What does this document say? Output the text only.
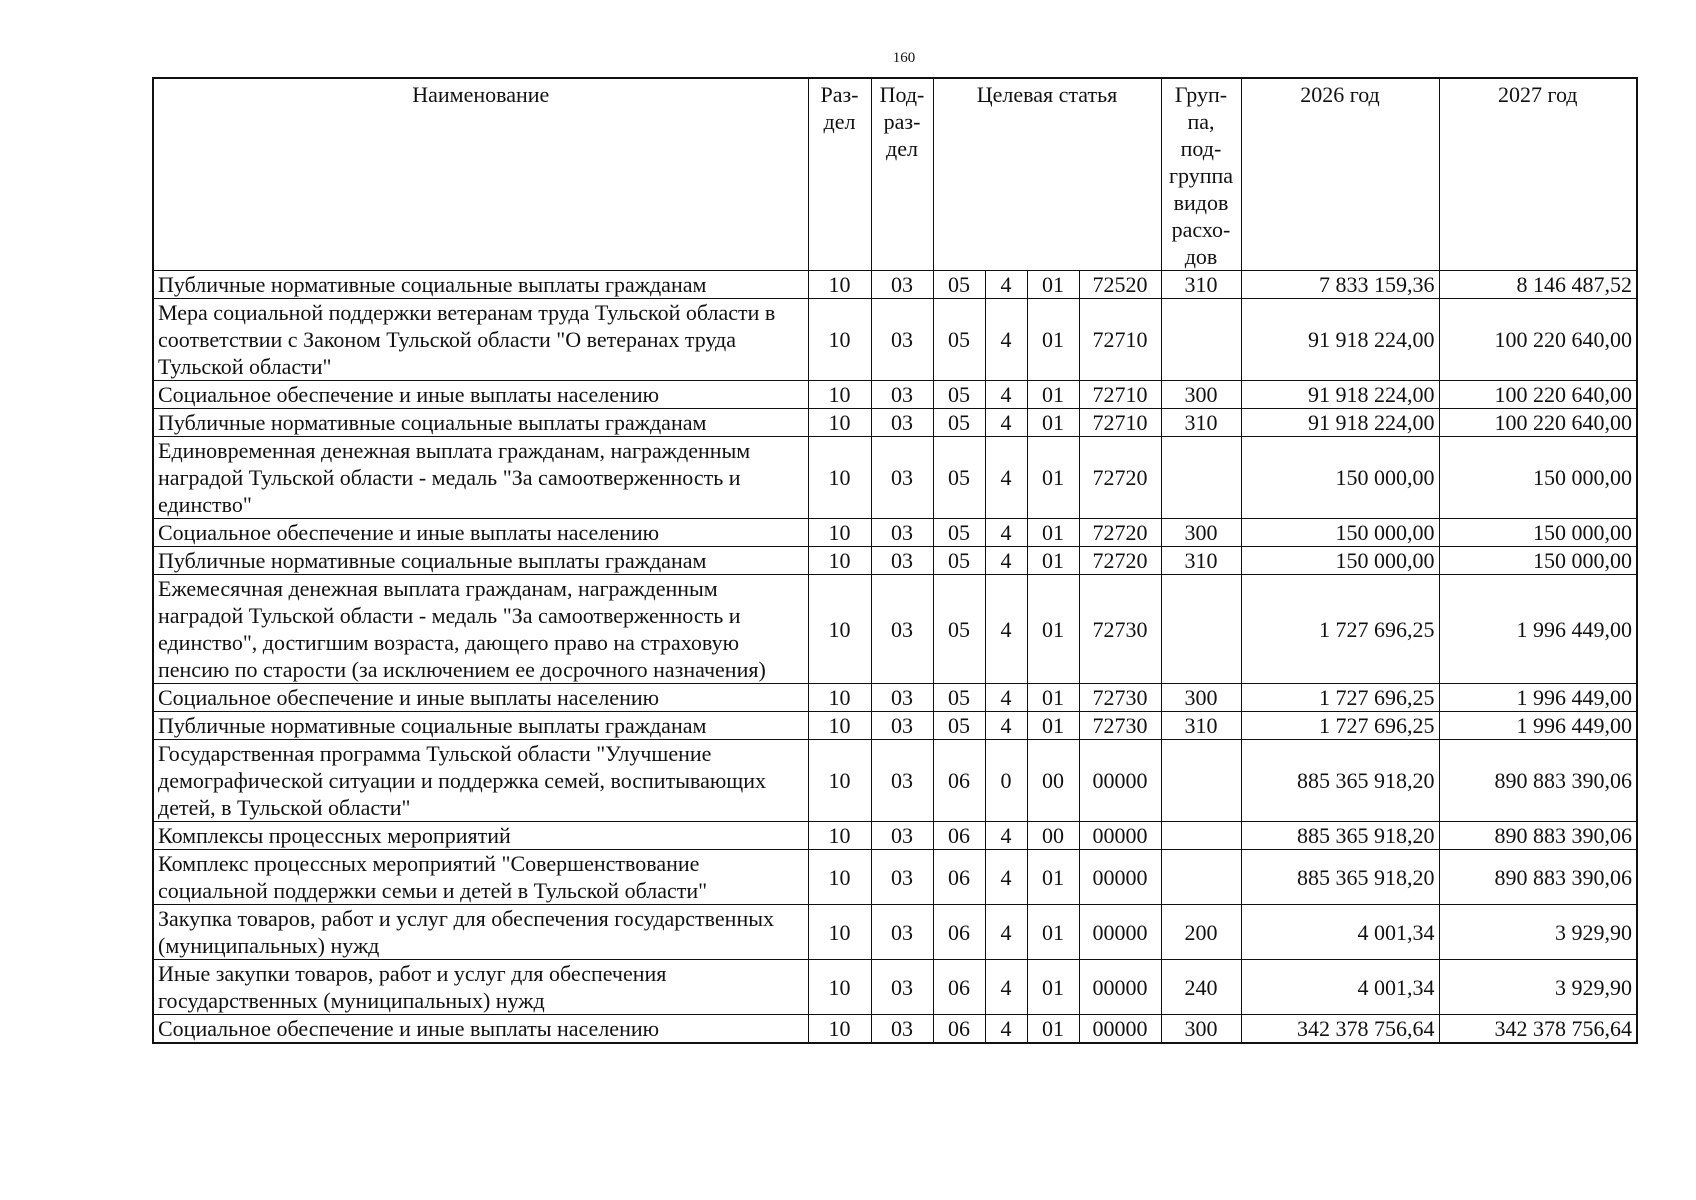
160
Наименование	Раз-дел	Под-раз-дел	Целевая статья				Груп-па, под-группа видов расхо-дов	2026 год	2027 год
Публичные нормативные социальные выплаты гражданам	10	03	05	4	01	72520	310	7 833 159,36	8 146 487,52
Мера социальной поддержки ветеранам труда Тульской области в соответствии с Законом Тульской области "О ветеранах труда Тульской области"	10	03	05	4	01	72710		91 918 224,00	100 220 640,00
Социальное обеспечение и иные выплаты населению	10	03	05	4	01	72710	300	91 918 224,00	100 220 640,00
Публичные нормативные социальные выплаты гражданам	10	03	05	4	01	72710	310	91 918 224,00	100 220 640,00
Единовременная денежная выплата гражданам, награжденным наградой Тульской области - медаль "За самоотверженность и единство"	10	03	05	4	01	72720		150 000,00	150 000,00
Социальное обеспечение и иные выплаты населению	10	03	05	4	01	72720	300	150 000,00	150 000,00
Публичные нормативные социальные выплаты гражданам	10	03	05	4	01	72720	310	150 000,00	150 000,00
Ежемесячная денежная выплата гражданам, награжденным наградой Тульской области - медаль "За самоотверженность и единство", достигшим возраста, дающего право на страховую пенсию по старости (за исключением ее досрочного назначения)	10	03	05	4	01	72730		1 727 696,25	1 996 449,00
Социальное обеспечение и иные выплаты населению	10	03	05	4	01	72730	300	1 727 696,25	1 996 449,00
Публичные нормативные социальные выплаты гражданам	10	03	05	4	01	72730	310	1 727 696,25	1 996 449,00
Государственная программа Тульской области "Улучшение демографической ситуации и поддержка семей, воспитывающих детей, в Тульской области"	10	03	06	0	00	00000		885 365 918,20	890 883 390,06
Комплексы процессных мероприятий	10	03	06	4	00	00000		885 365 918,20	890 883 390,06
Комплекс процессных мероприятий "Совершенствование социальной поддержки семьи и детей в Тульской области"	10	03	06	4	01	00000		885 365 918,20	890 883 390,06
Закупка товаров, работ и услуг для обеспечения государственных (муниципальных) нужд	10	03	06	4	01	00000	200	4 001,34	3 929,90
Иные закупки товаров, работ и услуг для обеспечения государственных (муниципальных) нужд	10	03	06	4	01	00000	240	4 001,34	3 929,90
Социальное обеспечение и иные выплаты населению	10	03	06	4	01	00000	300	342 378 756,64	342 378 756,64
